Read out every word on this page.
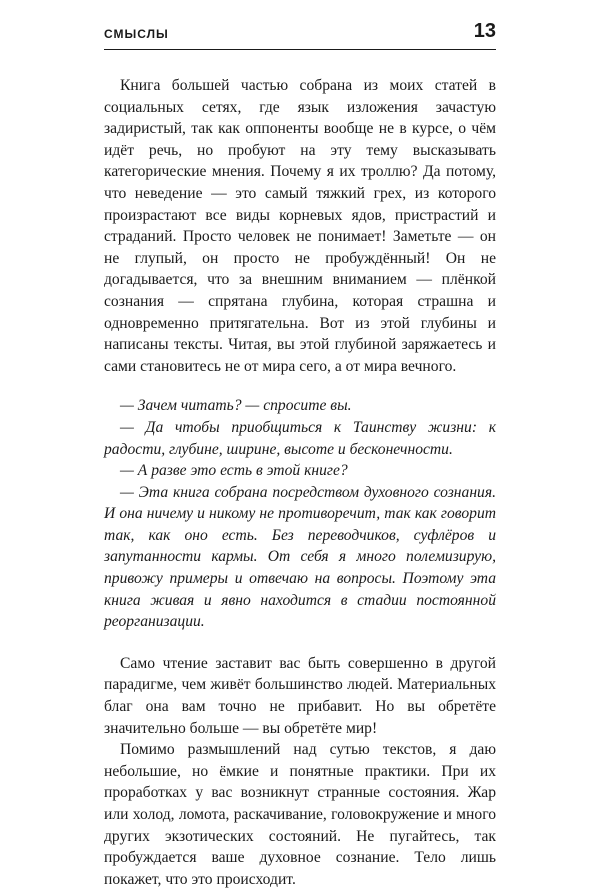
СМЫСЛЫ	13

Книга большей частью собрана из моих статей в социальных сетях, где язык изложения зачастую задиристый, так как оппоненты вообще не в курсе, о чём идёт речь, но пробуют на эту тему высказывать категорические мнения. Почему я их троллю? Да потому, что неведение — это самый тяжкий грех, из которого произрастают все виды корневых ядов, пристрастий и страданий. Просто человек не понимает! Заметьте — он не глупый, он просто не пробуждённый! Он не догадывается, что за внешним вниманием — плёнкой сознания — спрятана глубина, которая страшна и одновременно притягательна. Вот из этой глубины и написаны тексты. Читая, вы этой глубиной заряжаетесь и сами становитесь не от мира сего, а от мира вечного.

— Зачем читать? — спросите вы.

— Да чтобы приобщиться к Таинству жизни: к радости, глубине, ширине, высоте и бесконечности.

— А разве это есть в этой книге?

— Эта книга собрана посредством духовного сознания. И она ничему и никому не противоречит, так как говорит так, как оно есть. Без переводчиков, суфлёров и запутанности кармы. От себя я много полемизирую, привожу примеры и отвечаю на вопросы. Поэтому эта книга живая и явно находится в стадии постоянной реорганизации.

Само чтение заставит вас быть совершенно в другой парадигме, чем живёт большинство людей. Материальных благ она вам точно не прибавит. Но вы обретёте значительно больше — вы обретёте мир!

Помимо размышлений над сутью текстов, я даю небольшие, но ёмкие и понятные практики. При их проработках у вас возникнут странные состояния. Жар или холод, ломота, раскачивание, головокружение и много других экзотических состояний. Не пугайтесь, так пробуждается ваше духовное сознание. Тело лишь покажет, что это происходит.
